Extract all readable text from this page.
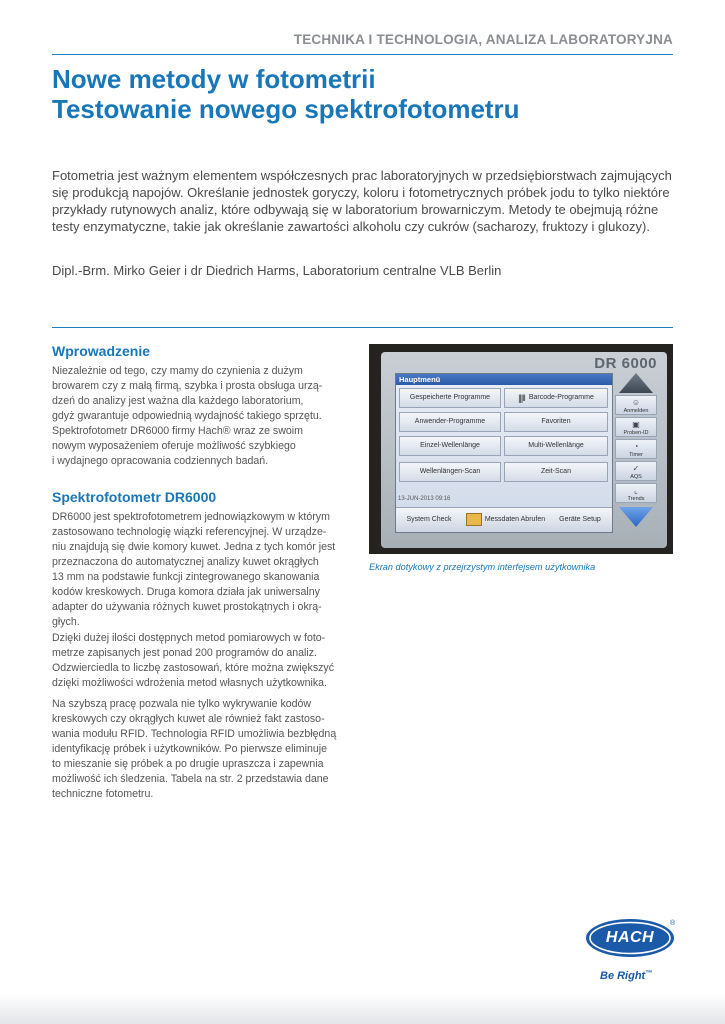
TECHNIKA I TECHNOLOGIA, ANALIZA LABORATORYJNA
Nowe metody w fotometrii
Testowanie nowego spektrofotometru

Fotometria jest ważnym elementem współczesnych prac laboratoryjnych w przedsiębiorstwach zajmujących się produkcją napojów. Określanie jednostek goryczy, koloru i fotometrycznych próbek jodu to tylko niektóre przykłady rutynowych analiz, które odbywają się w laboratorium browarniczym. Metody te obejmują różne testy enzymatyczne, takie jak określanie zawartości alkoholu czy cukrów (sacharozy, fruktozy i glukozy).

Dipl.-Brm. Mirko Geier i dr Diedrich Harms, Laboratorium centralne VLB Berlin

Wprowadzenie

Niezależnie od tego, czy mamy do czynienia z dużym
browarem czy z małą firmą, szybka i prosta obsługa urzą-
dzeń do analizy jest ważna dla każdego laboratorium,
gdyż gwarantuje odpowiednią wydajność takiego sprzętu.
Spektrofotometr DR6000 firmy Hach® wraz ze swoim
nowym wyposażeniem oferuje możliwość szybkiego
i wydajnego opracowania codziennych badań.

Spektrofotometr DR6000

DR6000 jest spektrofotometrem jednowiązkowym w którym
zastosowano technologię wiązki referencyjnej. W urządze-
niu znajdują się dwie komory kuwet. Jedna z tych komór jest
przeznaczona do automatycznej analizy kuwet okrągłych
13 mm na podstawie funkcji zintegrowanego skanowania
kodów kreskowych. Druga komora działa jak uniwersalny
adapter do używania różnych kuwet prostokątnych i okrą-
głych.

Dzięki dużej ilości dostępnych metod pomiarowych w foto-
metrze zapisanych jest ponad 200 programów do analiz.
Odzwierciedla to liczbę zastosowań, które można zwiększyć
dzięki możliwości wdrożenia metod własnych użytkownika.

Na szybszą pracę pozwala nie tylko wykrywanie kodów
kreskowych czy okrągłych kuwet ale również fakt zastoso-
wania modułu RFID. Technologia RFID umożliwia bezbłędną
identyfikację próbek i użytkowników. Po pierwsze eliminuje
to mieszanie się próbek a po drugie upraszcza i zapewnia
możliwość ich śledzenia. Tabela na str. 2 przedstawia dane
techniczne fotometru.

DR 6000
Hauptmenü
Gespeicherte Programme	|||‖ Barcode-Programme
Anwender-Programme	Favoriten
Einzel-Wellenlänge	Multi-Wellenlänge
Wellenlängen-Scan	Zeit-Scan
13-JUN-2013 09:16
System Check	Messdaten Abrufen	Geräte Setup
☺
Anmelden
▣
Proben-ID
◔
Timer
✓
AQS
⌞
Trends

Ekran dotykowy z przejrzystym interfejsem użytkownika

HACH
®
Be Right™
